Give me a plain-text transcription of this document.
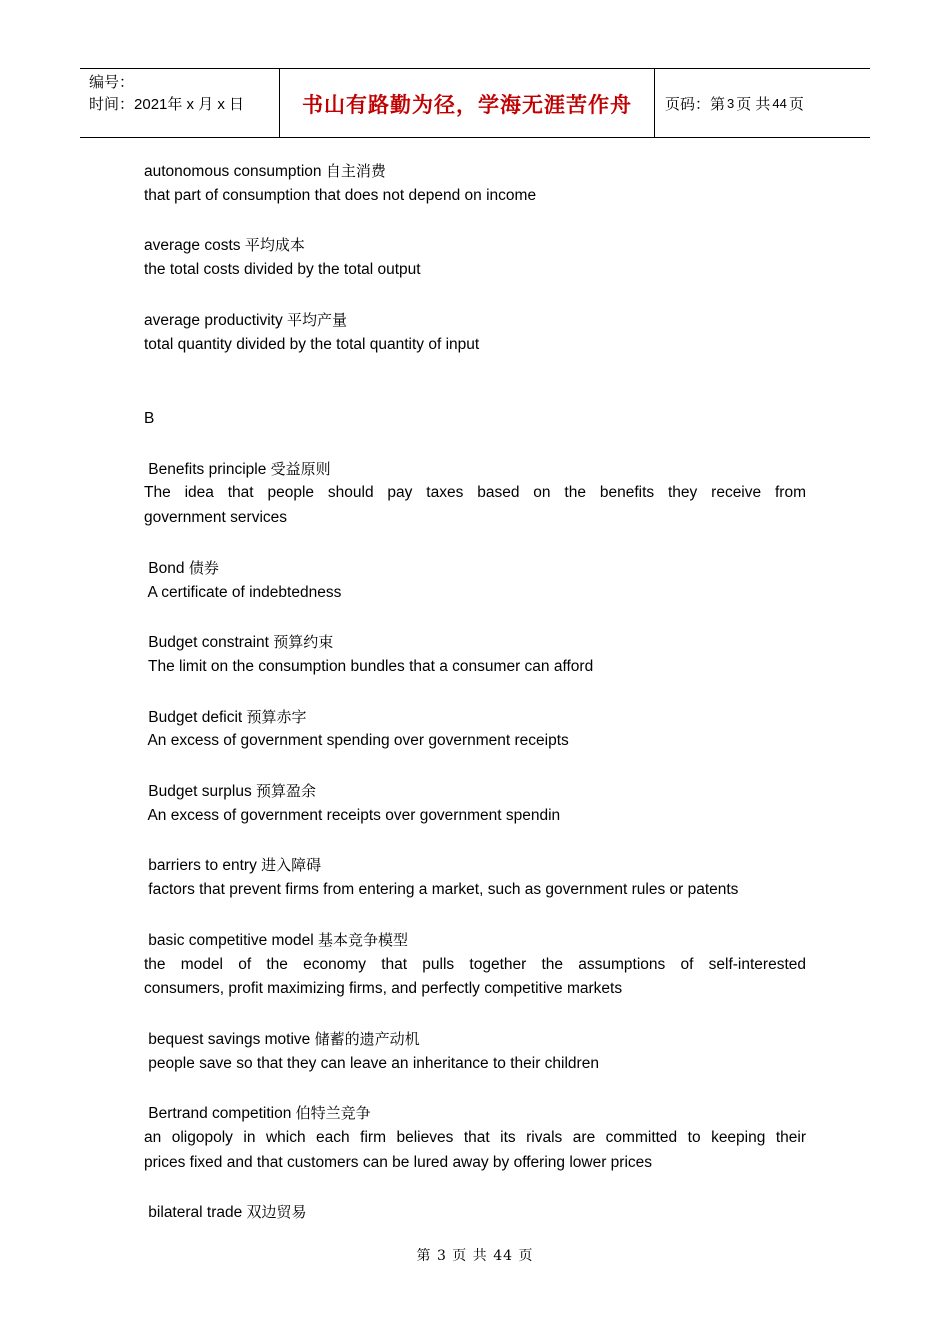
编号：
时间：2021年 x 月 x 日	书山有路勤为径，学海无涯苦作舟 页码：第 3 页 共 44 页
autonomous consumption 自主消费
that part of consumption that does not depend on income
average costs 平均成本
the total costs divided by the total output
average productivity 平均产量
total quantity divided by the total quantity of input
B
Benefits principle 受益原则
The idea that people should pay taxes based on the benefits they receive from
government services
Bond 债券
A certificate of indebtedness
Budget constraint 预算约束
The limit on the consumption bundles that a consumer can afford
Budget deficit 预算赤字
An excess of government spending over government receipts
Budget surplus 预算盈余
An excess of government receipts over government spendin
barriers to entry 进入障碍
factors that prevent firms from entering a market, such as government rules or patents
basic competitive model 基本竞争模型
the model of the economy that pulls together the assumptions of self-interested
consumers, profit maximizing firms, and perfectly competitive markets
bequest savings motive 储蓄的遗产动机
people save so that they can leave an inheritance to their children
Bertrand competition 伯特兰竞争
an oligopoly in which each firm believes that its rivals are committed to keeping their
prices fixed and that customers can be lured away by offering lower prices
bilateral trade 双边贸易
第 3 页 共 44 页
